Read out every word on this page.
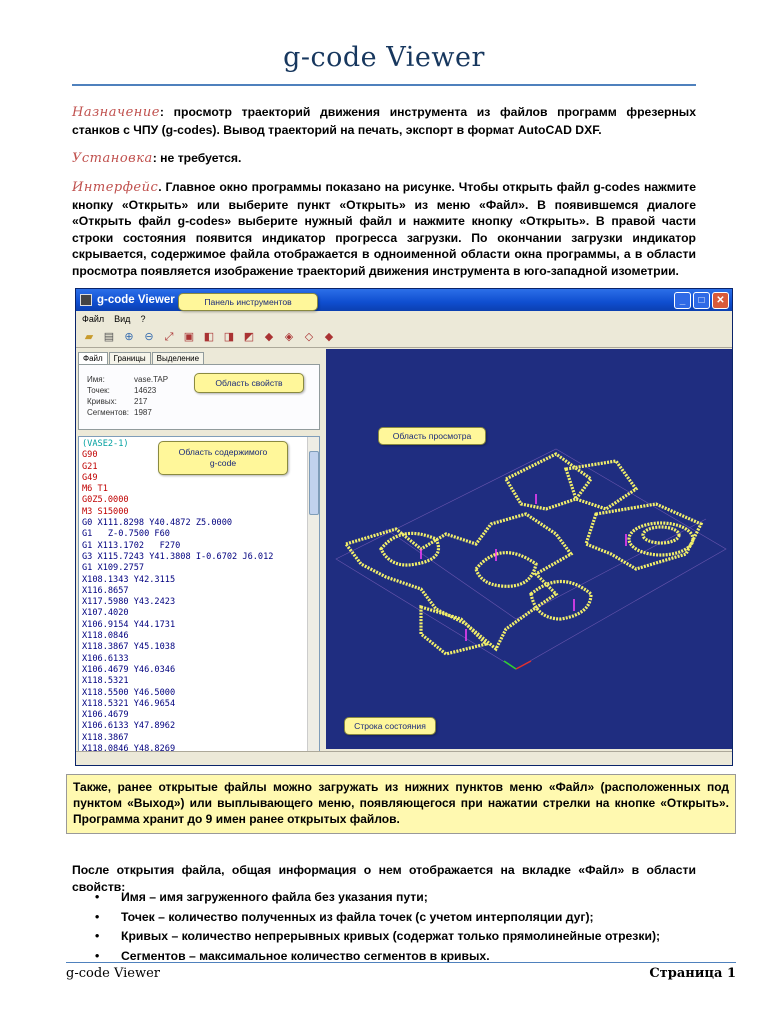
g-code Viewer
Назначение: просмотр траекторий движения инструмента из файлов программ фрезерных станков с ЧПУ (g-codes). Вывод траекторий на печать, экспорт в формат AutoCAD DXF.
Установка: не требуется.
Интерфейс. Главное окно программы показано на рисунке. Чтобы открыть файл g-codes нажмите кнопку «Открыть» или выберите пункт «Открыть» из меню «Файл». В появившемся диалоге «Открыть файл g-codes» выберите нужный файл и нажмите кнопку «Открыть». В правой части строки состояния появится индикатор прогресса загрузки. По окончании загрузки индикатор скрывается, содержимое файла отображается в одноименной области окна программы, а в области просмотра появляется изображение траекторий движения инструмента в юго-западной изометрии.
g-code Viewer	_	□	✕
Файл Вид ?
▰ ▤ ⊕ ⊖ ⤢ ▣ ◧ ◨ ◩ ◆ ◈ ◇ ◆
Файл	Границы	Выделение
Имя:	vase.TAP
Точек:	14623
Кривых:	217
Сегментов: 1987
(VASE2-1)
G90
G21
G49
M6 T1
G0Z5.0000
M3 S15000
G0 X111.8298 Y40.4872 Z5.0000
G1   Z-0.7500 F60
G1 X113.1702   F270
G3 X115.7243 Y41.3808 I-0.6702 J6.012
G1 X109.2757
X108.1343 Y42.3115
X116.8657
X117.5980 Y43.2423
X107.4020
X106.9154 Y44.1731
X118.0846
X118.3867 Y45.1038
X106.6133
X106.4679 Y46.0346
X118.5321
X118.5500 Y46.5000
X118.5321 Y46.9654
X106.4679
X106.6133 Y47.8962
X118.3867
X118.0846 Y48.8269
Панель инструментов
Область свойств
Область содержимого g-code
Область просмотра
Строка состояния
Также, ранее открытые файлы можно загружать из нижних пунктов меню «Файл» (расположенных под пунктом «Выход») или выплывающего меню, появляющегося при нажатии стрелки на кнопке «Открыть». Программа хранит до 9 имен ранее открытых файлов.
После открытия файла, общая информация о нем отображается на вкладке «Файл» в области свойств:
•	Имя – имя загруженного файла без указания пути;
•	Точек – количество полученных из файла точек (с учетом интерполяции дуг);
•	Кривых – количество непрерывных кривых (содержат только прямолинейные отрезки);
•	Сегментов – максимальное количество сегментов в кривых.
g-code Viewer	Страница 1
